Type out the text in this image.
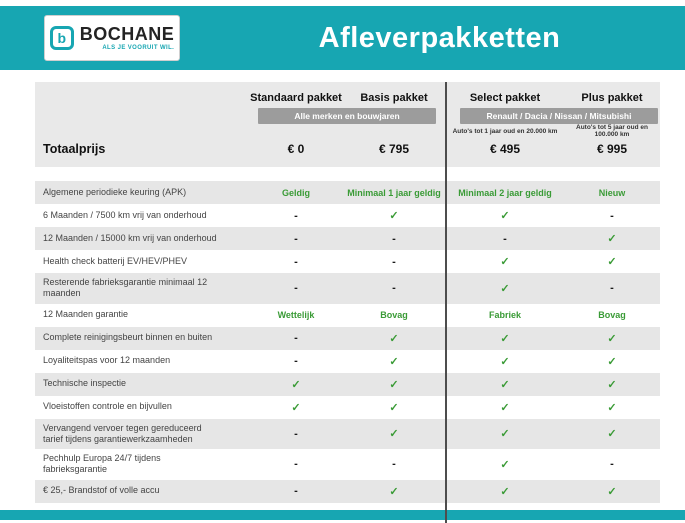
b BOCHANE
ALS JE VOORUIT WIL.	Afleverpakketten
Standaard pakket	Basis pakket	Select pakket	Plus pakket
Alle merken en bouwjaren	Renault / Dacia / Nissan / Mitsubishi
Auto's tot 1 jaar oud en 20.000 km	Auto's tot 5 jaar oud en 100.000 km
Totaalprijs	€ 0	€ 795	€ 495	€ 995
Algemene periodieke keuring (APK)	Geldig	Minimaal 1 jaar geldig	Minimaal 2 jaar geldig	Nieuw
6 Maanden / 7500 km vrij van onderhoud	-	✓	✓	-
12 Maanden / 15000 km vrij van onderhoud	-	-	-	✓
Health check batterij EV/HEV/PHEV	-	-	✓	✓
Resterende fabrieksgarantie minimaal 12 maanden	-	-	✓	-
12 Maanden garantie	Wettelijk	Bovag	Fabriek	Bovag
Complete reinigingsbeurt binnen en buiten	-	✓	✓	✓
Loyaliteitspas voor 12 maanden	-	✓	✓	✓
Technische inspectie	✓	✓	✓	✓
Vloeistoffen controle en bijvullen	✓	✓	✓	✓
Vervangend vervoer tegen gereduceerd tarief tijdens garantiewerkzaamheden	-	✓	✓	✓
Pechhulp Europa 24/7 tijdens fabrieksgarantie	-	-	✓	-
€ 25,- Brandstof of volle accu	-	✓	✓	✓
